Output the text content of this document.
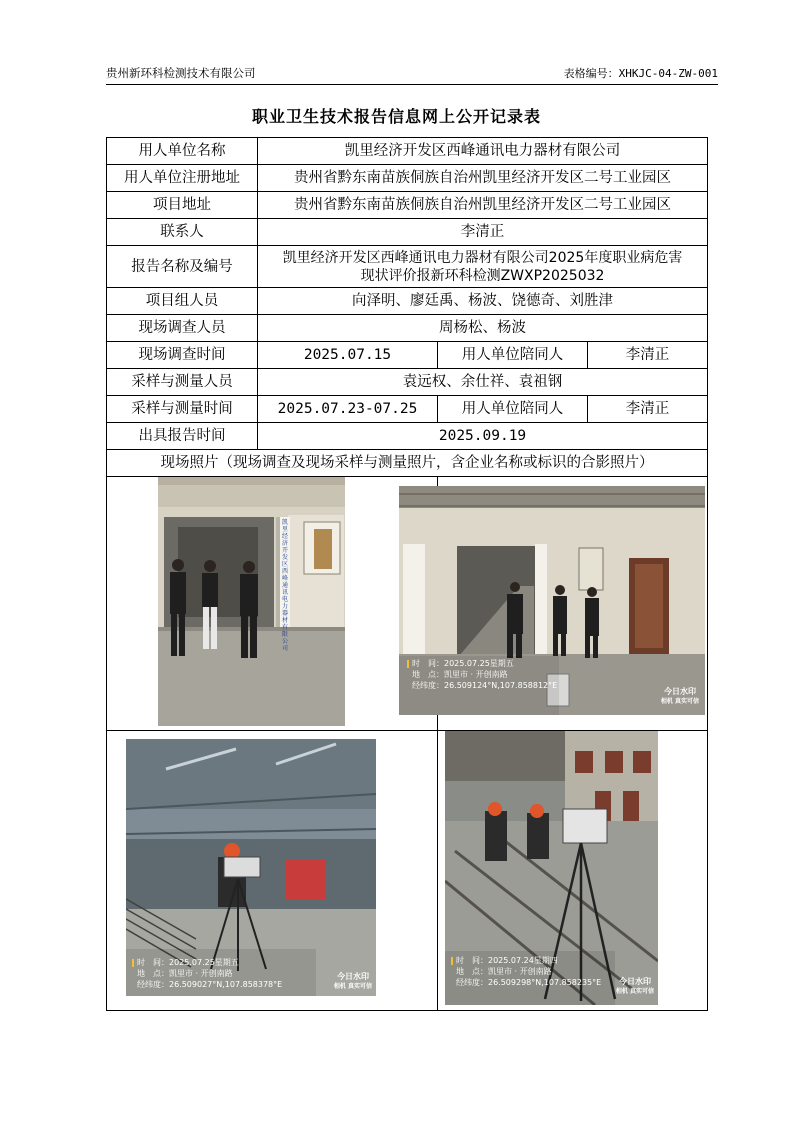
贵州新环科检测技术有限公司	表格编号：XHKJC-04-ZW-001
职业卫生技术报告信息网上公开记录表
用人单位名称	凯里经济开发区西峰通讯电力器材有限公司		
用人单位注册地址	贵州省黔东南苗族侗族自治州凯里经济开发区二号工业园区		
项目地址	贵州省黔东南苗族侗族自治州凯里经济开发区二号工业园区		
联系人	李清正		
报告名称及编号	凯里经济开发区西峰通讯电力器材有限公司2025年度职业病危害
现状评价报新环科检测ZWXP2025032		

项目组人员	向泽明、廖廷禹、杨波、饶德奇、刘胜津		
现场调查人员	周杨松、杨波		
现场调查时间	2025.07.15	用人单位陪同人	李清正
采样与测量人员	袁远权、余仕祥、袁祖钢		
采样与测量时间	2025.07.23-07.25	用人单位陪同人	李清正
出具报告时间	2025.09.19		
现场照片（现场调查及现场采样与测量照片，含企业名称或标识的合影照片）			

凯里经济开发区西峰通讯电力器材有限公司
时　间：2025.07.25星期五
地　点：凯里市 · 开创南路
经纬度：26.509124°N,107.858812°E
今日水印
相机 真实可信
时　间：2025.07.25星期五
地　点：凯里市 · 开创南路
经纬度：26.509027°N,107.858378°E
今日水印
相机 真实可信
时　间：2025.07.24星期四
地　点：凯里市 · 开创南路
经纬度：26.509298°N,107.858235°E	今日水印
相机 真实可信
